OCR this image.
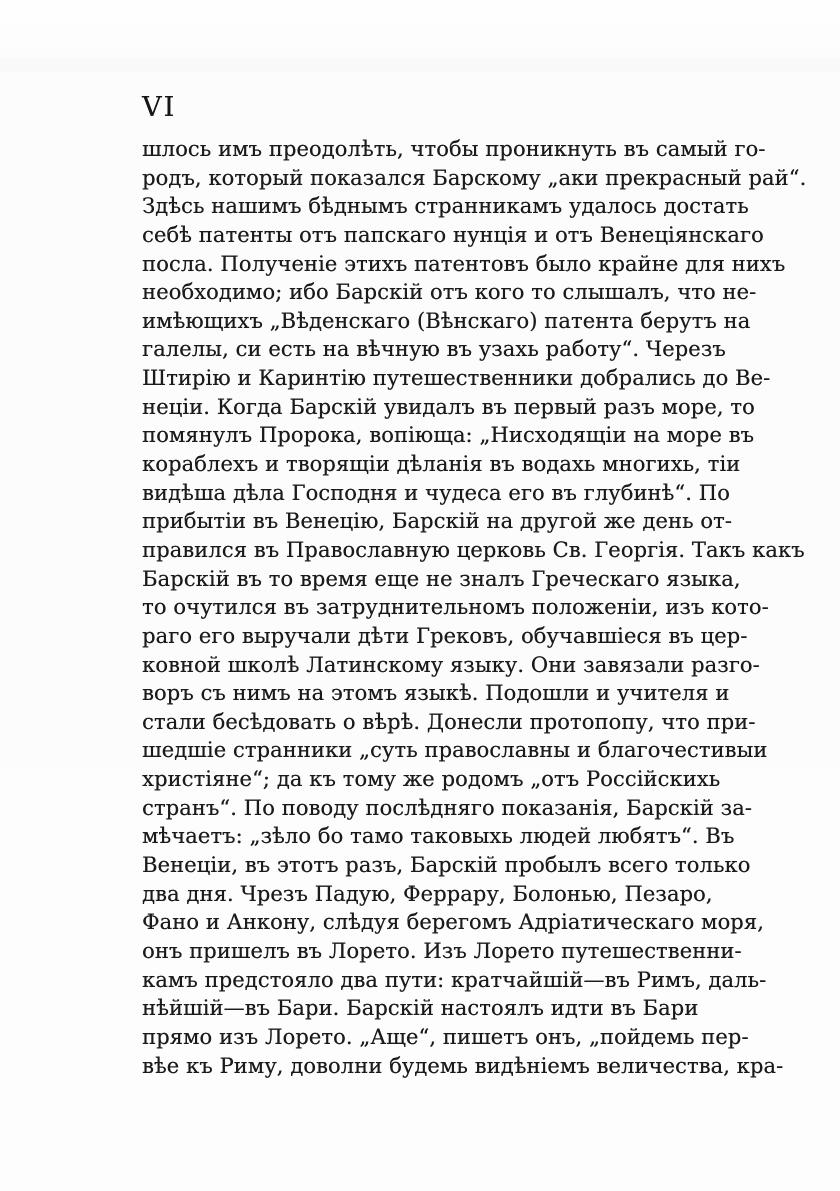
VI
шлось имъ преодолѣть, чтобы проникнуть въ самый го-
родъ, который показался Барскому „аки прекрасный рай“.
Здѣсь нашимъ бѣднымъ странникамъ удалось достать
себѣ патенты отъ папскаго нунція и отъ Венеціянскаго
посла. Полученіе этихъ патентовъ было крайне для нихъ
необходимо; ибо Барскій отъ кого то слышалъ, что не-
имѣющихъ „Вѣденскаго (Вѣнскаго) патента берутъ на
галелы, си есть на вѣчную въ узахь работу“. Черезъ
Штирію и Каринтію путешественники добрались до Ве-
неціи. Когда Барскій увидалъ въ первый разъ море, то
помянулъ Пророка, вопіюща: „Нисходящіи на море въ
кораблехъ и творящіи дѣланія въ водахь многихь, тіи
видѣша дѣла Господня и чудеса его въ глубинѣ“. По
прибытіи въ Венецію, Барскій на другой же день от-
правился въ Православную церковь Св. Георгія. Такъ какъ
Барскій въ то время еще не зналъ Греческаго языка,
то очутился въ затруднительномъ положеніи, изъ кото-
раго его выручали дѣти Грековъ, обучавшіеся въ цер-
ковной школѣ Латинскому языку. Они завязали разго-
воръ съ нимъ на этомъ языкѣ. Подошли и учителя и
стали бесѣдовать о вѣрѣ. Донесли протопопу, что при-
шедшіе странники „суть православны и благочестивыи
христіяне“; да къ тому же родомъ „отъ Россійскихь
странъ“. По поводу послѣдняго показанія, Барскій за-
мѣчаетъ: „зѣло бо тамо таковыхь людей любятъ“. Въ
Венеціи, въ этотъ разъ, Барскій пробылъ всего только
два дня. Чрезъ Падую, Феррару, Болонью, Пезаро,
Фано и Анкону, слѣдуя берегомъ Адріатическаго моря,
онъ пришелъ въ Лорето. Изъ Лорето путешественни-
камъ предстояло два пути: кратчайшій—въ Римъ, даль-
нѣйшій—въ Бари. Барскій настоялъ идти въ Бари
прямо изъ Лорето. „Аще“, пишетъ онъ, „пойдемь пер-
вѣе къ Риму, доволни будемь видѣніемъ величества, кра-
